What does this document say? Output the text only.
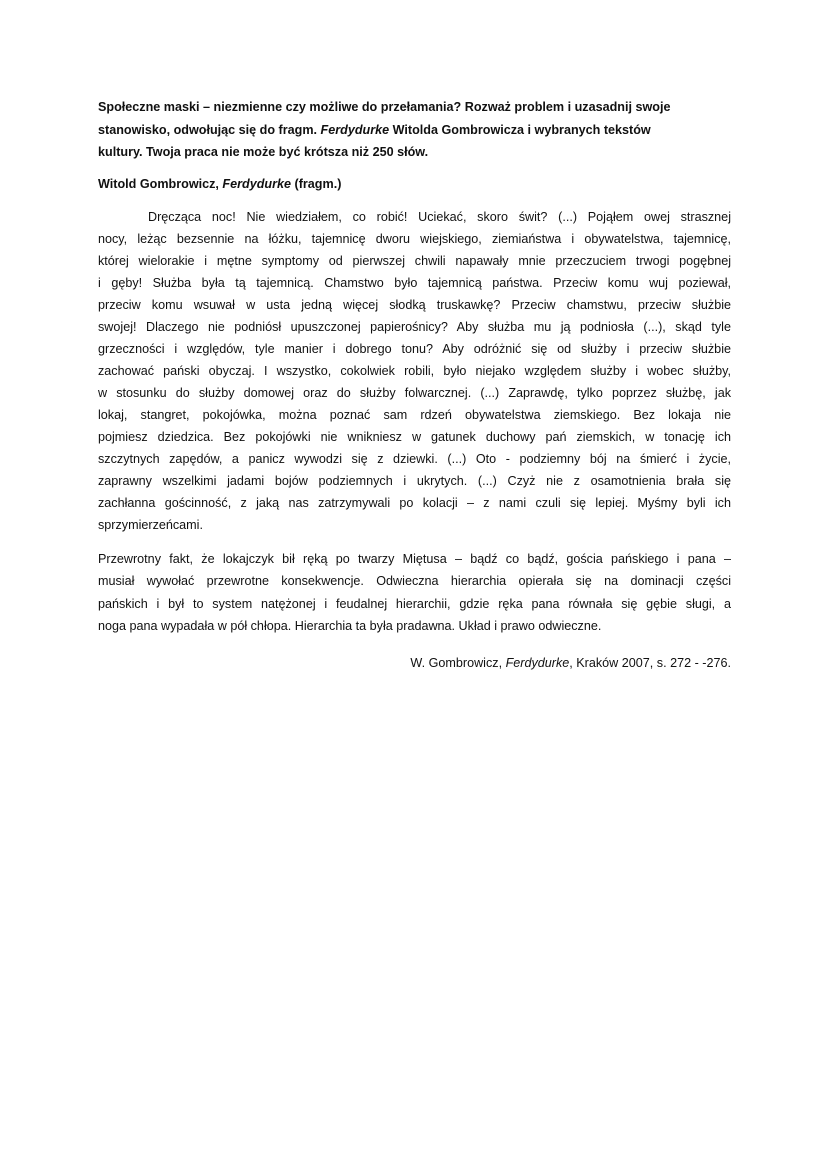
Społeczne maski – niezmienne czy możliwe do przełamania? Rozważ problem i uzasadnij swoje
stanowisko, odwołując się do fragm. Ferdydurke Witolda Gombrowicza i wybranych tekstów
kultury. Twoja praca nie może być krótsza niż 250 słów.
Witold Gombrowicz, Ferdydurke (fragm.)
Dręcząca noc! Nie wiedziałem, co robić! Uciekać, skoro świt? (...) Pojąłem owej strasznej
nocy, leżąc bezsennie na łóżku, tajemnicę dworu wiejskiego, ziemiaństwa i obywatelstwa, tajemnicę,
której wielorakie i mętne symptomy od pierwszej chwili napawały mnie przeczuciem trwogi pogębnej
i gęby! Służba była tą tajemnicą. Chamstwo było tajemnicą państwa. Przeciw komu wuj poziewał,
przeciw komu wsuwał w usta jedną więcej słodką truskawkę? Przeciw chamstwu, przeciw służbie
swojej! Dlaczego nie podniósł upuszczonej papierośnicy? Aby służba mu ją podniosła (...), skąd tyle
grzeczności i względów, tyle manier i dobrego tonu? Aby odróżnić się od służby i przeciw służbie
zachować pański obyczaj. I wszystko, cokolwiek robili, było niejako względem służby i wobec służby,
w stosunku do służby domowej oraz do służby folwarcznej. (...) Zaprawdę, tylko poprzez służbę, jak
lokaj, stangret, pokojówka, można poznać sam rdzeń obywatelstwa ziemskiego. Bez lokaja nie
pojmiesz dziedzica. Bez pokojówki nie wnikniesz w gatunek duchowy pań ziemskich, w tonację ich
szczytnych zapędów, a panicz wywodzi się z dziewki. (...) Oto - podziemny bój na śmierć i życie,
zaprawny wszelkimi jadami bojów podziemnych i ukrytych. (...) Czyż nie z osamotnienia brała się
zachłanna gościnność, z jaką nas zatrzymywali po kolacji – z nami czuli się lepiej. Myśmy byli ich
sprzymierzeńcami.
Przewrotny fakt, że lokajczyk bił ręką po twarzy Miętusa – bądź co bądź, gościa pańskiego i pana –
musiał wywołać przewrotne konsekwencje. Odwieczna hierarchia opierała się na dominacji części
pańskich i był to system natężonej i feudalnej hierarchii, gdzie ręka pana równała się gębie sługi, a
noga pana wypadała w pół chłopa. Hierarchia ta była pradawna. Układ i prawo odwieczne.
W. Gombrowicz, Ferdydurke, Kraków 2007, s. 272 - -276.
